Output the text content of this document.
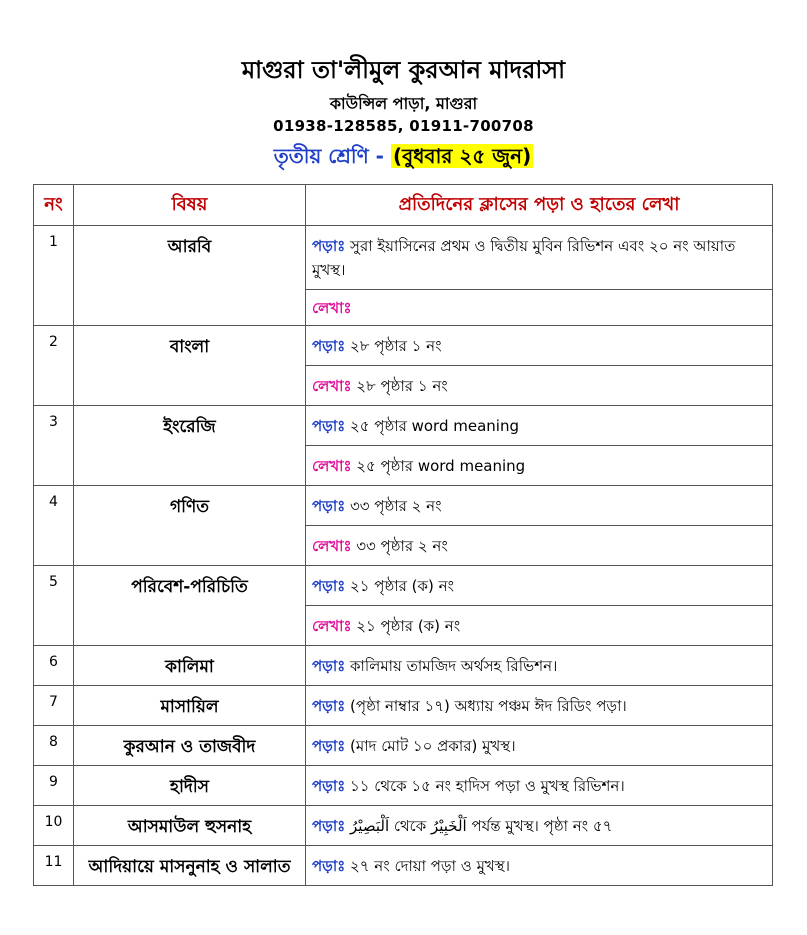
মাগুরা তা'লীমুল কুরআন মাদরাসা
কাউন্সিল পাড়া, মাগুরা
01938-128585, 01911-700708
তৃতীয় শ্রেণি - (বুধবার ২৫ জুন)
নং	বিষয়	প্রতিদিনের ক্লাসের পড়া ও হাতের লেখা
1	আরবি	পড়াঃ সুরা ইয়াসিনের প্রথম ও দ্বিতীয় মুবিন রিভিশন এবং ২০ নং আয়াত মুখস্থ।
		লেখাঃ
2	বাংলা	পড়াঃ ২৮ পৃষ্ঠার ১ নং
		লেখাঃ ২৮ পৃষ্ঠার ১ নং
3	ইংরেজি	পড়াঃ ২৫ পৃষ্ঠার word meaning
		লেখাঃ ২৫ পৃষ্ঠার word meaning
4	গণিত	পড়াঃ ৩৩ পৃষ্ঠার ২ নং
		লেখাঃ ৩৩ পৃষ্ঠার ২ নং
5	পরিবেশ-পরিচিতি	পড়াঃ ২১ পৃষ্ঠার (ক) নং
		লেখাঃ ২১ পৃষ্ঠার (ক) নং
6	কালিমা	পড়াঃ কালিমায় তামজিদ অর্থসহ রিভিশন।
7	মাসায়িল	পড়াঃ (পৃষ্ঠা নাম্বার ১৭) অধ্যায় পঞ্চম ঈদ রিডিং পড়া।
8	কুরআন ও তাজবীদ	পড়াঃ (মাদ মোট ১০ প্রকার) মুখস্থ।
9	হাদীস	পড়াঃ ১১ থেকে ১৫ নং হাদিস পড়া ও মুখস্থ রিভিশন।
10	আসমাউল হুসনাহ	পড়াঃ اَلْبَصِيْرُ থেকে اَلْخَبِيْرُ পর্যন্ত মুখস্থ। পৃষ্ঠা নং ৫৭
11	আদিয়ায়ে মাসনুনাহ ও সালাত	পড়াঃ ২৭ নং দোয়া পড়া ও মুখস্থ।
